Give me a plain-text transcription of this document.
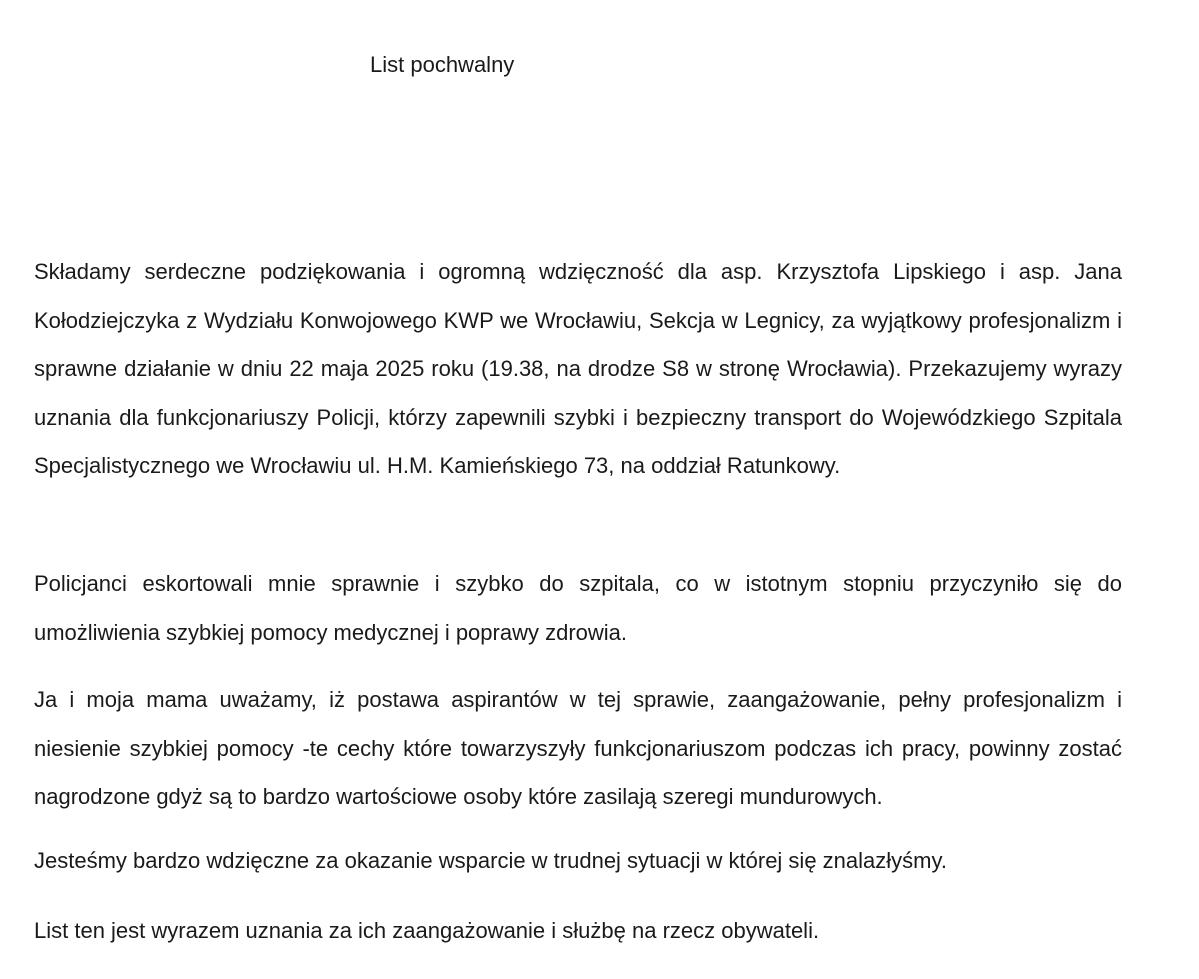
List pochwalny

Składamy serdeczne podziękowania i ogromną wdzięczność dla asp. Krzysztofa Lipskiego i asp. Jana Kołodziejczyka z Wydziału Konwojowego KWP we Wrocławiu, Sekcja w Legnicy, za wyjątkowy profesjonalizm i sprawne działanie w dniu 22 maja 2025 roku (19.38, na drodze S8 w stronę Wrocławia). Przekazujemy wyrazy uznania dla funkcjonariuszy Policji, którzy zapewnili szybki i bezpieczny transport do Wojewódzkiego Szpitala Specjalistycznego we Wrocławiu ul. H.M. Kamieńskiego 73, na oddział Ratunkowy.

Policjanci eskortowali mnie sprawnie i szybko do szpitala, co w istotnym stopniu przyczyniło się do umożliwienia szybkiej pomocy medycznej i poprawy zdrowia.

Ja i moja mama uważamy, iż postawa aspirantów w tej sprawie, zaangażowanie, pełny profesjonalizm i niesienie szybkiej pomocy -te cechy które towarzyszyły funkcjonariuszom podczas ich pracy, powinny zostać nagrodzone gdyż są to bardzo wartościowe osoby które zasilają szeregi mundurowych.

Jesteśmy bardzo wdzięczne za okazanie wsparcie w trudnej sytuacji w której się znalazłyśmy.

List ten jest wyrazem uznania za ich zaangażowanie i służbę na rzecz obywateli.
